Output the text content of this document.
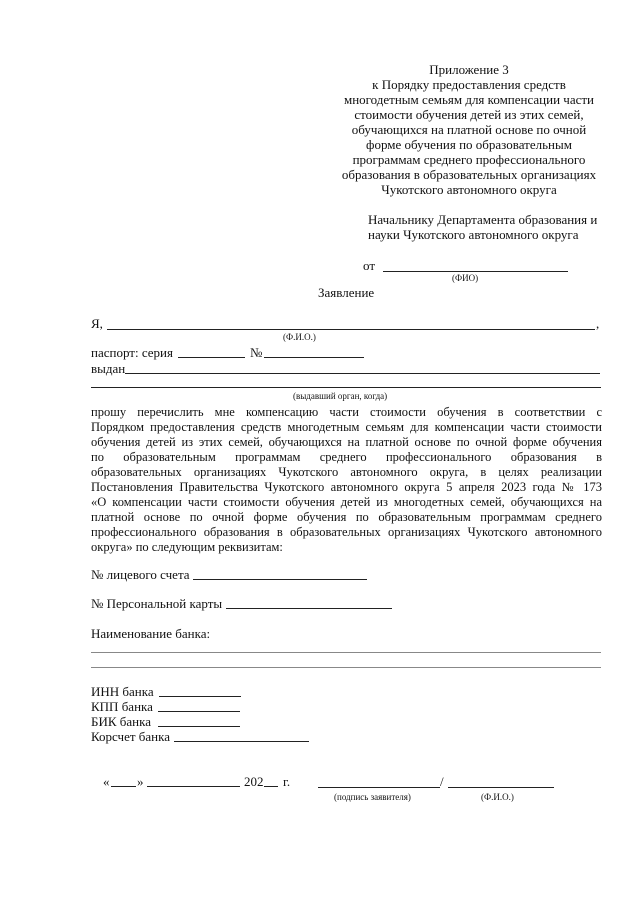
Приложение 3
к Порядку предоставления средств
многодетным семьям для компенсации части
стоимости обучения детей из этих семей,
обучающихся на платной основе по очной
форме обучения по образовательным
программам среднего профессионального
образования в образовательных организациях
Чукотского автономного округа
Начальнику Департамента образования и
науки Чукотского автономного округа
от
(ФИО)
Заявление
Я,	,
(Ф.И.О.)
паспорт: серия	№
выдан
(выдавший орган, когда)
прошу перечислить мне компенсацию части стоимости обучения в соответствии с
Порядком предоставления средств многодетным семьям для компенсации части стоимости
обучения детей из этих семей, обучающихся на платной основе по очной форме обучения
по образовательным программам среднего профессионального образования в
образовательных организациях Чукотского автономного округа, в целях реализации
Постановления Правительства Чукотского автономного округа 5 апреля 2023 года № 173
«О компенсации части стоимости обучения детей из многодетных семей, обучающихся на
платной основе по очной форме обучения по образовательным программам среднего
профессионального образования в образовательных организациях Чукотского автономного
округа» по следующим реквизитам:
№ лицевого счета
№ Персональной карты
Наименование банка:
ИНН банка
КПП банка
БИК банка
Корсчет банка
« »	202 г.	/
(подпись заявителя)	(Ф.И.О.)
